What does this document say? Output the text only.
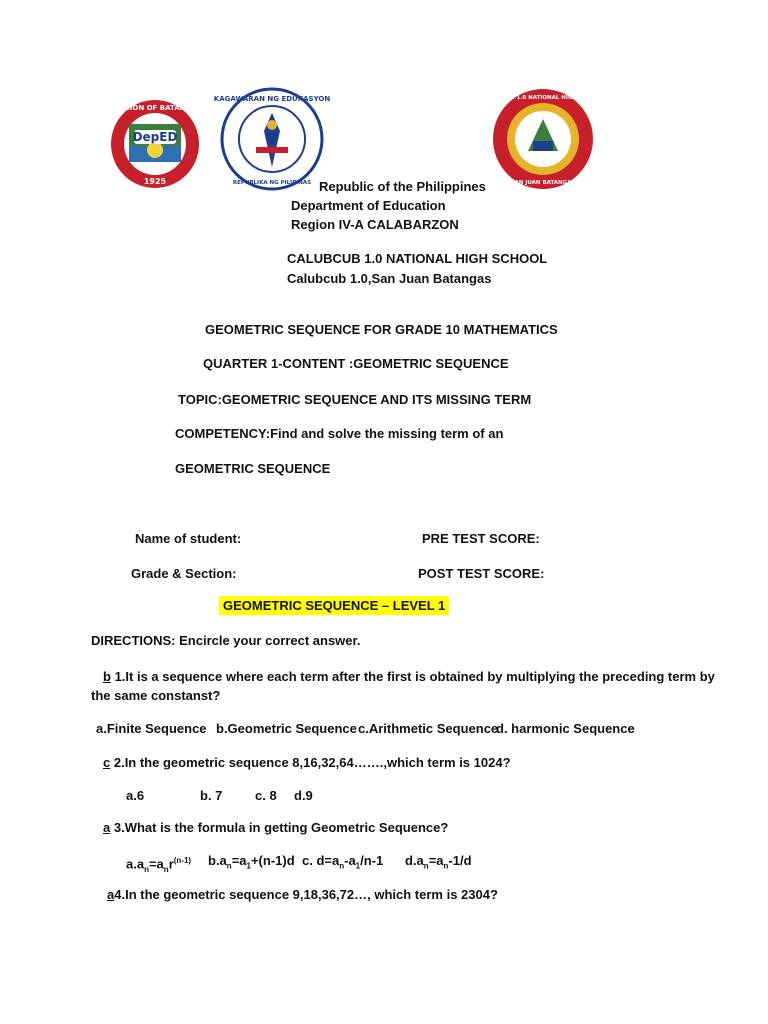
DepED
1925
DIVISION OF BATANGAS
KAGAWARAN NG EDUKASYON
REPUBLIKA NG PILIPINAS
CALUBCUB 1.0 NATIONAL HIGH SCHOOL
SAN JUAN BATANGAS
Republic of the Philippines
Department of Education
Region IV-A CALABARZON
CALUBCUB 1.0 NATIONAL HIGH SCHOOL
Calubcub 1.0,San Juan Batangas
GEOMETRIC SEQUENCE FOR GRADE 10 MATHEMATICS
QUARTER 1-CONTENT :GEOMETRIC SEQUENCE
TOPIC:GEOMETRIC SEQUENCE AND ITS MISSING TERM
COMPETENCY:Find and solve the missing term of an
GEOMETRIC SEQUENCE
Name of student:	PRE TEST SCORE:
Grade & Section:	POST TEST SCORE:
GEOMETRIC SEQUENCE – LEVEL 1
DIRECTIONS: Encircle your correct answer.
b 1.It is a sequence where each term after the first is obtained by multiplying the preceding term by
the same constanst?
a.Finite Sequence b.Geometric Sequence c.Arithmetic Sequence
d. harmonic Sequence
c 2.In the geometric sequence 8,16,32,64…….,which term is 1024?
a.6	b. 7	c. 8 d.9
a 3.What is the formula in getting Geometric Sequence?
$a.a_n=a_nr^{(n-1)}$ $b.a_n=a_1+(n-1)d$ c. $d=a_n-a_1/n-1$ $d.a_n=a_n-1/d$
a4.In the geometric sequence 9,18,36,72…, which term is 2304?
